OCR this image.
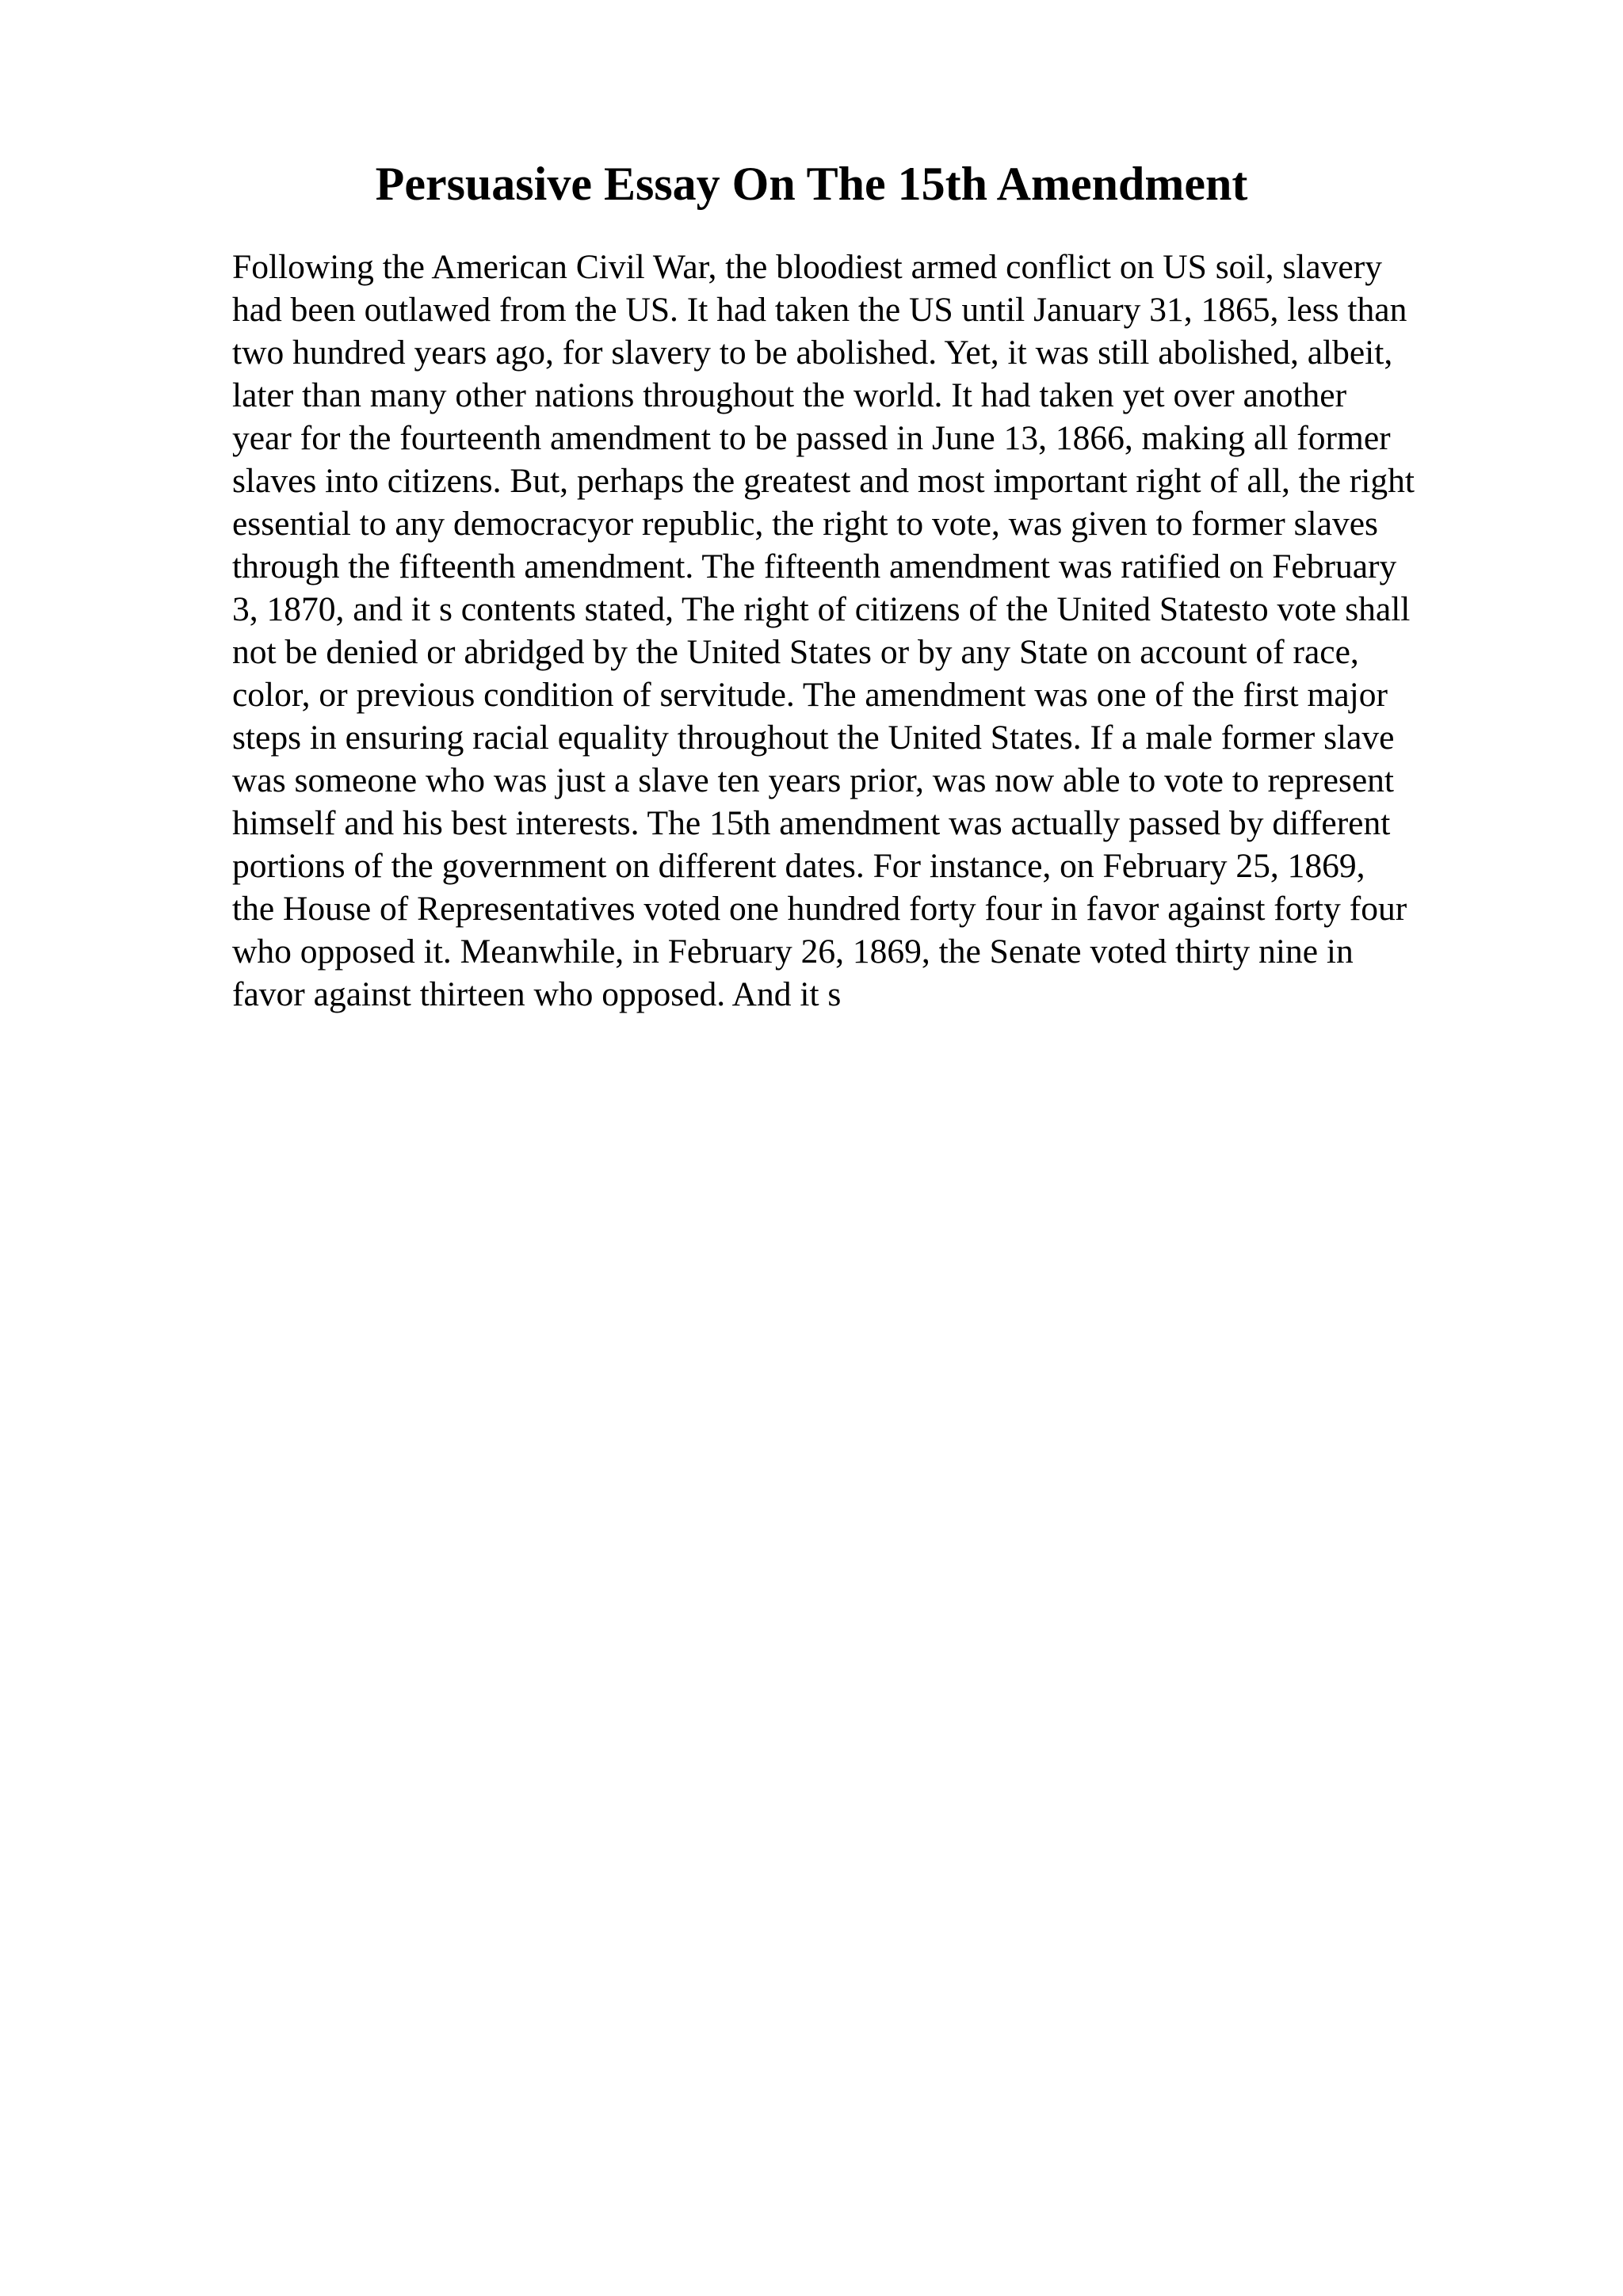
Persuasive Essay On The 15th Amendment
Following the American Civil War, the bloodiest armed conflict on US soil, slavery
had been outlawed from the US. It had taken the US until January 31, 1865, less than
two hundred years ago, for slavery to be abolished. Yet, it was still abolished, albeit,
later than many other nations throughout the world. It had taken yet over another
year for the fourteenth amendment to be passed in June 13, 1866, making all former
slaves into citizens. But, perhaps the greatest and most important right of all, the right
essential to any democracyor republic, the right to vote, was given to former slaves
through the fifteenth amendment. The fifteenth amendment was ratified on February
3, 1870, and it s contents stated, The right of citizens of the United Statesto vote shall
not be denied or abridged by the United States or by any State on account of race,
color, or previous condition of servitude. The amendment was one of the first major
steps in ensuring racial equality throughout the United States. If a male former slave
was someone who was just a slave ten years prior, was now able to vote to represent
himself and his best interests. The 15th amendment was actually passed by different
portions of the government on different dates. For instance, on February 25, 1869,
the House of Representatives voted one hundred forty four in favor against forty four
who opposed it. Meanwhile, in February 26, 1869, the Senate voted thirty nine in
favor against thirteen who opposed. And it s
